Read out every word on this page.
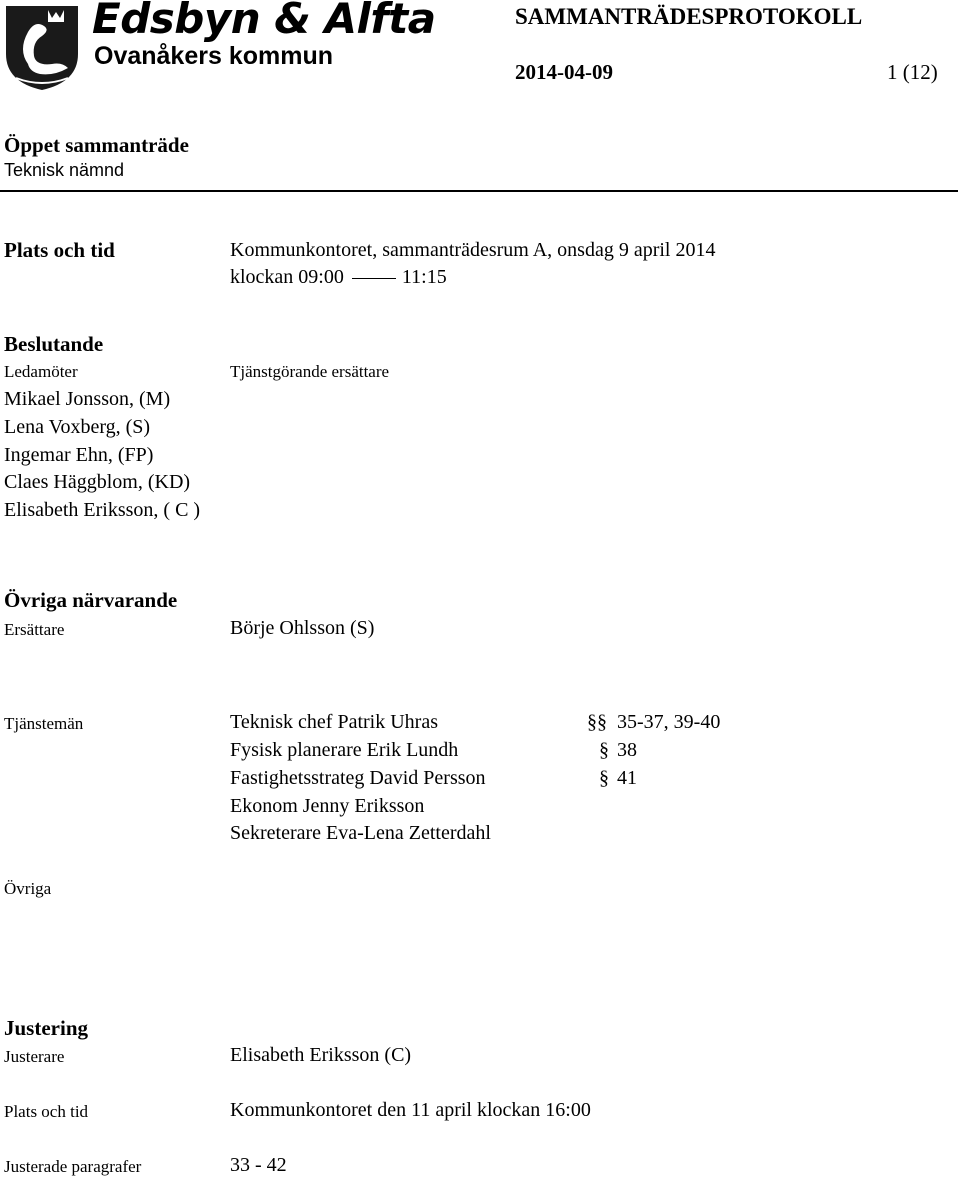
Edsbyn & Alfta
Ovanåkers kommun
SAMMANTRÄDESPROTOKOLL
2014-04-09	1 (12)
Öppet sammanträde
Teknisk nämnd
Plats och tid	Kommunkontoret, sammanträdesrum A, onsdag 9 april 2014
klockan 09:00	11:15
Beslutande
Ledamöter	Tjänstgörande ersättare
Mikael Jonsson, (M)
Lena Voxberg, (S)
Ingemar Ehn, (FP)
Claes Häggblom, (KD)
Elisabeth Eriksson, ( C )
Övriga närvarande
Ersättare	Börje Ohlsson (S)
Tjänstemän	Teknisk chef Patrik Uhras	§§ 35-37, 39-40
Fysisk planerare Erik Lundh	§ 38
Fastighetsstrateg David Persson	§ 41
Ekonom Jenny Eriksson
Sekreterare Eva-Lena Zetterdahl
Övriga
Justering
Justerare	Elisabeth Eriksson (C)
Plats och tid	Kommunkontoret den 11 april klockan 16:00
Justerade paragrafer	33 - 42
